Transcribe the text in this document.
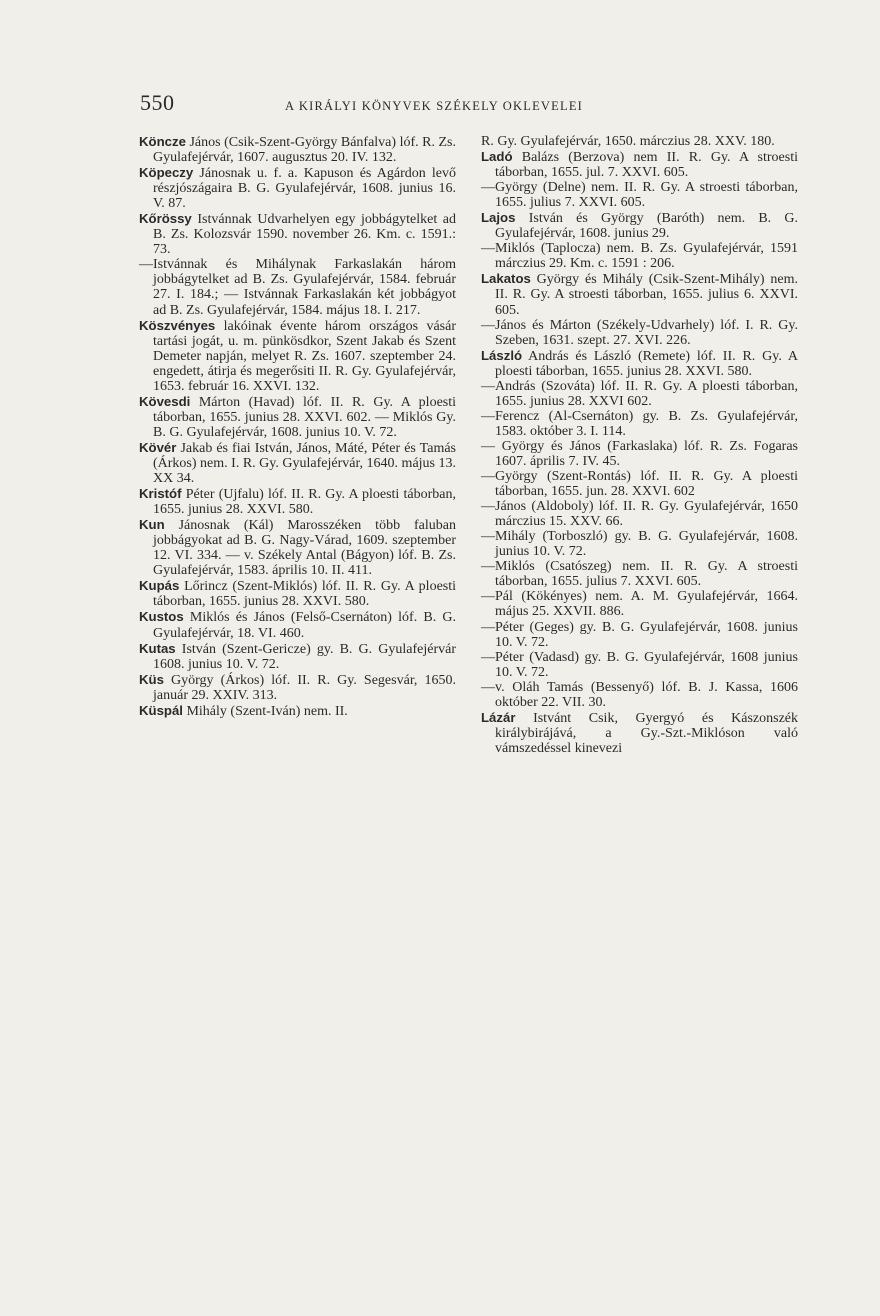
550	A KIRÁLYI KÖNYVEK SZÉKELY OKLEVELEI

Köncze János (Csik-Szent-György Bánfalva) lóf. R. Zs. Gyulafejérvár, 1607. augusztus 20. IV. 132.

Köpeczy Jánosnak u. f. a. Kapuson és Agárdon levő részjószágaira B. G. Gyulafejérvár, 1608. junius 16. V. 87.

Kőrössy Istvánnak Udvarhelyen egy jobbágytelket ad B. Zs. Kolozsvár 1590. november 26. Km. c. 1591.: 73.

—Istvánnak és Mihálynak Farkaslakán három jobbágytelket ad B. Zs. Gyulafejérvár, 1584. február 27. I. 184.; — Istvánnak Farkaslakán két jobbágyot ad B. Zs. Gyulafejérvár, 1584. május 18. I. 217.

Köszvényes lakóinak évente három országos vásár tartási jogát, u. m. pünkösdkor, Szent Jakab és Szent Demeter napján, melyet R. Zs. 1607. szeptember 24. engedett, átirja és megerősiti II. R. Gy. Gyulafejérvár, 1653. február 16. XXVI. 132.

Kövesdi Márton (Havad) lóf. II. R. Gy. A ploesti táborban, 1655. junius 28. XXVI. 602. — Miklós Gy. B. G. Gyulafejérvár, 1608. junius 10. V. 72.

Kövér Jakab és fiai István, János, Máté, Péter és Tamás (Árkos) nem. I. R. Gy. Gyulafejérvár, 1640. május 13. XX 34.

Kristóf Péter (Ujfalu) lóf. II. R. Gy. A ploesti táborban, 1655. junius 28. XXVI. 580.

Kun Jánosnak (Kál) Marosszéken több faluban jobbágyokat ad B. G. Nagy-Várad, 1609. szeptember 12. VI. 334. — v. Székely Antal (Bágyon) lóf. B. Zs. Gyulafejérvár, 1583. április 10. II. 411.

Kupás Lőrincz (Szent-Miklós) lóf. II. R. Gy. A ploesti táborban, 1655. junius 28. XXVI. 580.

Kustos Miklós és János (Felső-Csernáton) lóf. B. G. Gyulafejérvár, 18. VI. 460.

Kutas István (Szent-Gericze) gy. B. G. Gyulafejérvár 1608. junius 10. V. 72.

Küs György (Árkos) lóf. II. R. Gy. Segesvár, 1650. január 29. XXIV. 313.

Küspál Mihály (Szent-Iván) nem. II.

R. Gy. Gyulafejérvár, 1650. márczius 28. XXV. 180.

Ladó Balázs (Berzova) nem II. R. Gy. A stroesti táborban, 1655. jul. 7. XXVI. 605.

—György (Delne) nem. II. R. Gy. A stroesti táborban, 1655. julius 7. XXVI. 605.

Lajos István és György (Baróth) nem. B. G. Gyulafejérvár, 1608. junius 29.

—Miklós (Taplocza) nem. B. Zs. Gyulafejérvár, 1591 márczius 29. Km. c. 1591 : 206.

Lakatos György és Mihály (Csik-Szent-Mihály) nem. II. R. Gy. A stroesti táborban, 1655. julius 6. XXVI. 605.

—János és Márton (Székely-Udvarhely) lóf. I. R. Gy. Szeben, 1631. szept. 27. XVI. 226.

László András és László (Remete) lóf. II. R. Gy. A ploesti táborban, 1655. junius 28. XXVI. 580.

—András (Szováta) lóf. II. R. Gy. A ploesti táborban, 1655. junius 28. XXVI 602.

—Ferencz (Al-Csernáton) gy. B. Zs. Gyulafejérvár, 1583. október 3. I. 114.

— György és János (Farkaslaka) lóf. R. Zs. Fogaras 1607. április 7. IV. 45.

—György (Szent-Rontás) lóf. II. R. Gy. A ploesti táborban, 1655. jun. 28. XXVI. 602

—János (Aldoboly) lóf. II. R. Gy. Gyulafejérvár, 1650 márczius 15. XXV. 66.

—Mihály (Torboszló) gy. B. G. Gyulafejérvár, 1608. junius 10. V. 72.

—Miklós (Csatószeg) nem. II. R. Gy. A stroesti táborban, 1655. julius 7. XXVI. 605.

—Pál (Kökényes) nem. A. M. Gyulafejérvár, 1664. május 25. XXVII. 886.

—Péter (Geges) gy. B. G. Gyulafejérvár, 1608. junius 10. V. 72.

—Péter (Vadasd) gy. B. G. Gyulafejérvár, 1608 junius 10. V. 72.

—v. Oláh Tamás (Bessenyő) lóf. B. J. Kassa, 1606 október 22. VII. 30.

Lázár Istvánt Csik, Gyergyó és Kászonszék királybirájává, a Gy.-Szt.-Miklóson való vámszedéssel kinevezi
